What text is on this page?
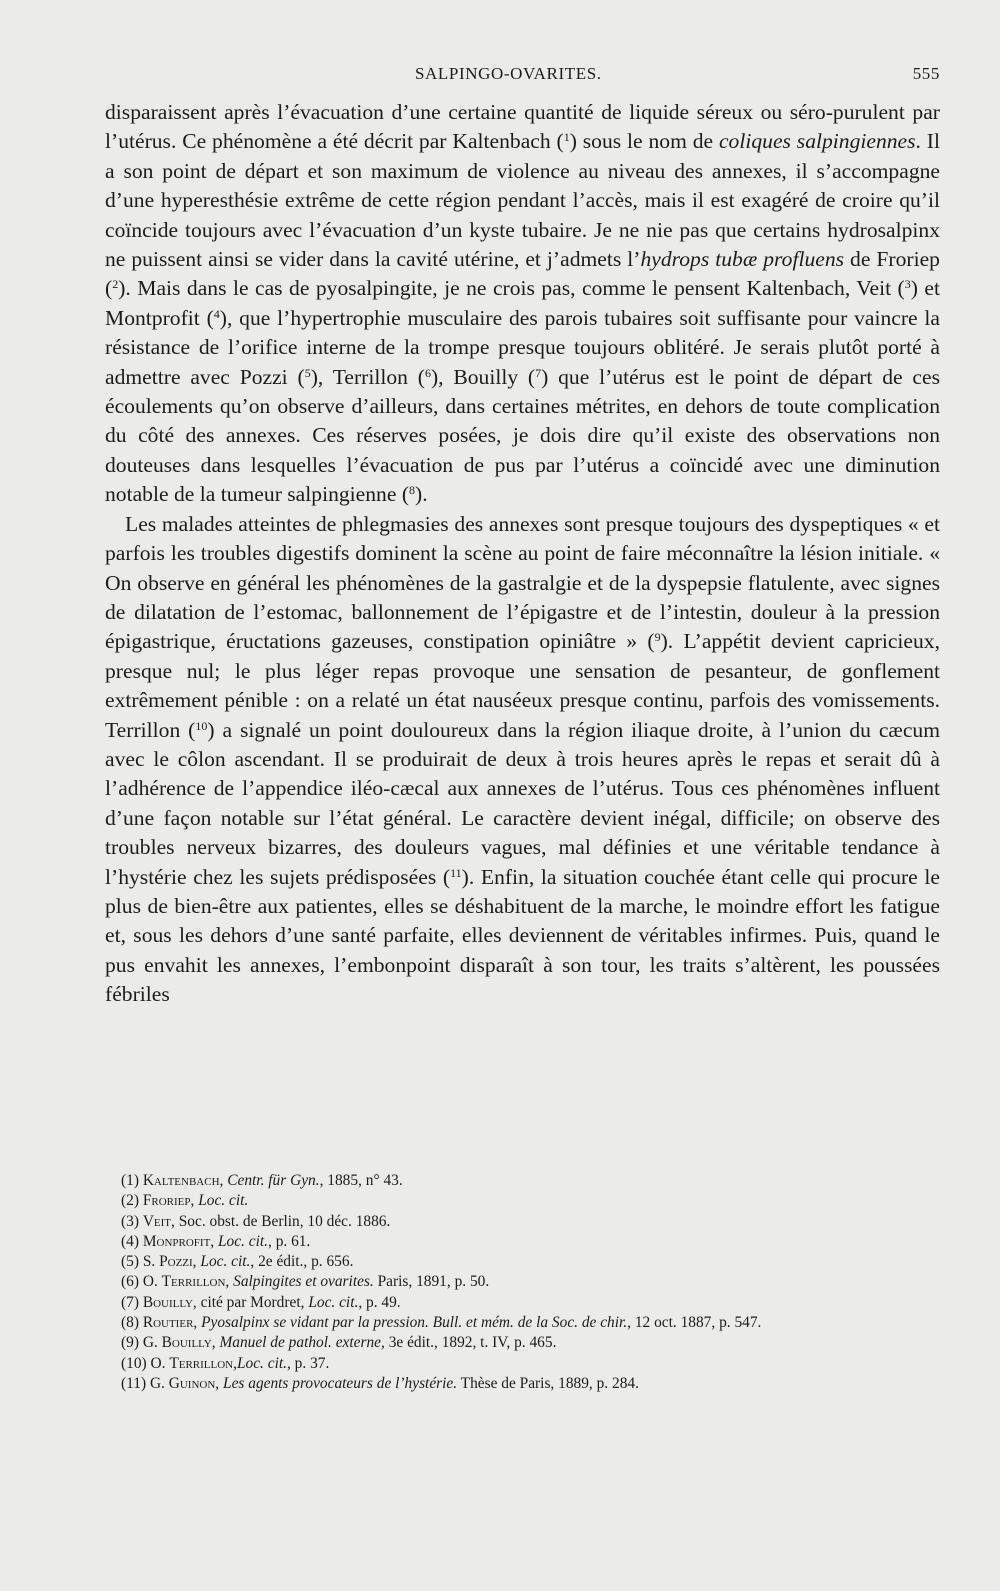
SALPINGO-OVARITES.	555

disparaissent après l’évacuation d’une certaine quantité de liquide séreux ou séro-purulent par l’utérus. Ce phénomène a été décrit par Kaltenbach ($^1$) sous le nom de coliques salpingiennes. Il a son point de départ et son maximum de violence au niveau des annexes, il s’accompagne d’une hyperesthésie extrême de cette région pendant l’accès, mais il est exagéré de croire qu’il coïncide toujours avec l’évacuation d’un kyste tubaire. Je ne nie pas que certains hydrosalpinx ne puissent ainsi se vider dans la cavité utérine, et j’admets l’hydrops tubæ profluens de Froriep ($^2$). Mais dans le cas de pyosalpingite, je ne crois pas, comme le pensent Kaltenbach, Veit ($^3$) et Montprofit ($^4$), que l’hypertrophie musculaire des parois tubaires soit suffisante pour vaincre la résistance de l’orifice interne de la trompe presque toujours oblitéré. Je serais plutôt porté à admettre avec Pozzi ($^5$), Terrillon ($^6$), Bouilly ($^7$) que l’utérus est le point de départ de ces écoulements qu’on observe d’ailleurs, dans certaines métrites, en dehors de toute complication du côté des annexes. Ces réserves posées, je dois dire qu’il existe des observations non douteuses dans lesquelles l’évacuation de pus par l’utérus a coïncidé avec une diminution notable de la tumeur salpingienne ($^8$).

Les malades atteintes de phlegmasies des annexes sont presque toujours des dyspeptiques « et parfois les troubles digestifs dominent la scène au point de faire méconnaître la lésion initiale. « On observe en général les phénomènes de la gastralgie et de la dyspepsie flatulente, avec signes de dilatation de l’estomac, ballonnement de l’épigastre et de l’intestin, douleur à la pression épigastrique, éructations gazeuses, constipation opiniâtre » ($^9$). L’appétit devient capricieux, presque nul; le plus léger repas provoque une sensation de pesanteur, de gonflement extrêmement pénible : on a relaté un état nauséeux presque continu, parfois des vomissements. Terrillon ($^{10}$) a signalé un point douloureux dans la région iliaque droite, à l’union du cæcum avec le côlon ascendant. Il se produirait de deux à trois heures après le repas et serait dû à l’adhérence de l’appendice iléo-cæcal aux annexes de l’utérus. Tous ces phénomènes influent d’une façon notable sur l’état général. Le caractère devient inégal, difficile; on observe des troubles nerveux bizarres, des douleurs vagues, mal définies et une véritable tendance à l’hystérie chez les sujets prédisposées ($^{11}$). Enfin, la situation couchée étant celle qui procure le plus de bien-être aux patientes, elles se déshabituent de la marche, le moindre effort les fatigue et, sous les dehors d’une santé parfaite, elles deviennent de véritables infirmes. Puis, quand le pus envahit les annexes, l’embonpoint disparaît à son tour, les traits s’altèrent, les poussées fébriles

(1) Kaltenbach, Centr. für Gyn., 1885, n° 43.

(2) Froriep, Loc. cit.

(3) Veit, Soc. obst. de Berlin, 10 déc. 1886.

(4) Monprofit, Loc. cit., p. 61.

(5) S. Pozzi, Loc. cit., 2e édit., p. 656.

(6) O. Terrillon, Salpingites et ovarites. Paris, 1891, p. 50.

(7) Bouilly, cité par Mordret, Loc. cit., p. 49.

(8) Routier, Pyosalpinx se vidant par la pression. Bull. et mém. de la Soc. de chir., 12 oct. 1887, p. 547.

(9) G. Bouilly, Manuel de pathol. externe, 3e édit., 1892, t. IV, p. 465.

(10) O. Terrillon,Loc. cit., p. 37.

(11) G. Guinon, Les agents provocateurs de l’hystérie. Thèse de Paris, 1889, p. 284.
